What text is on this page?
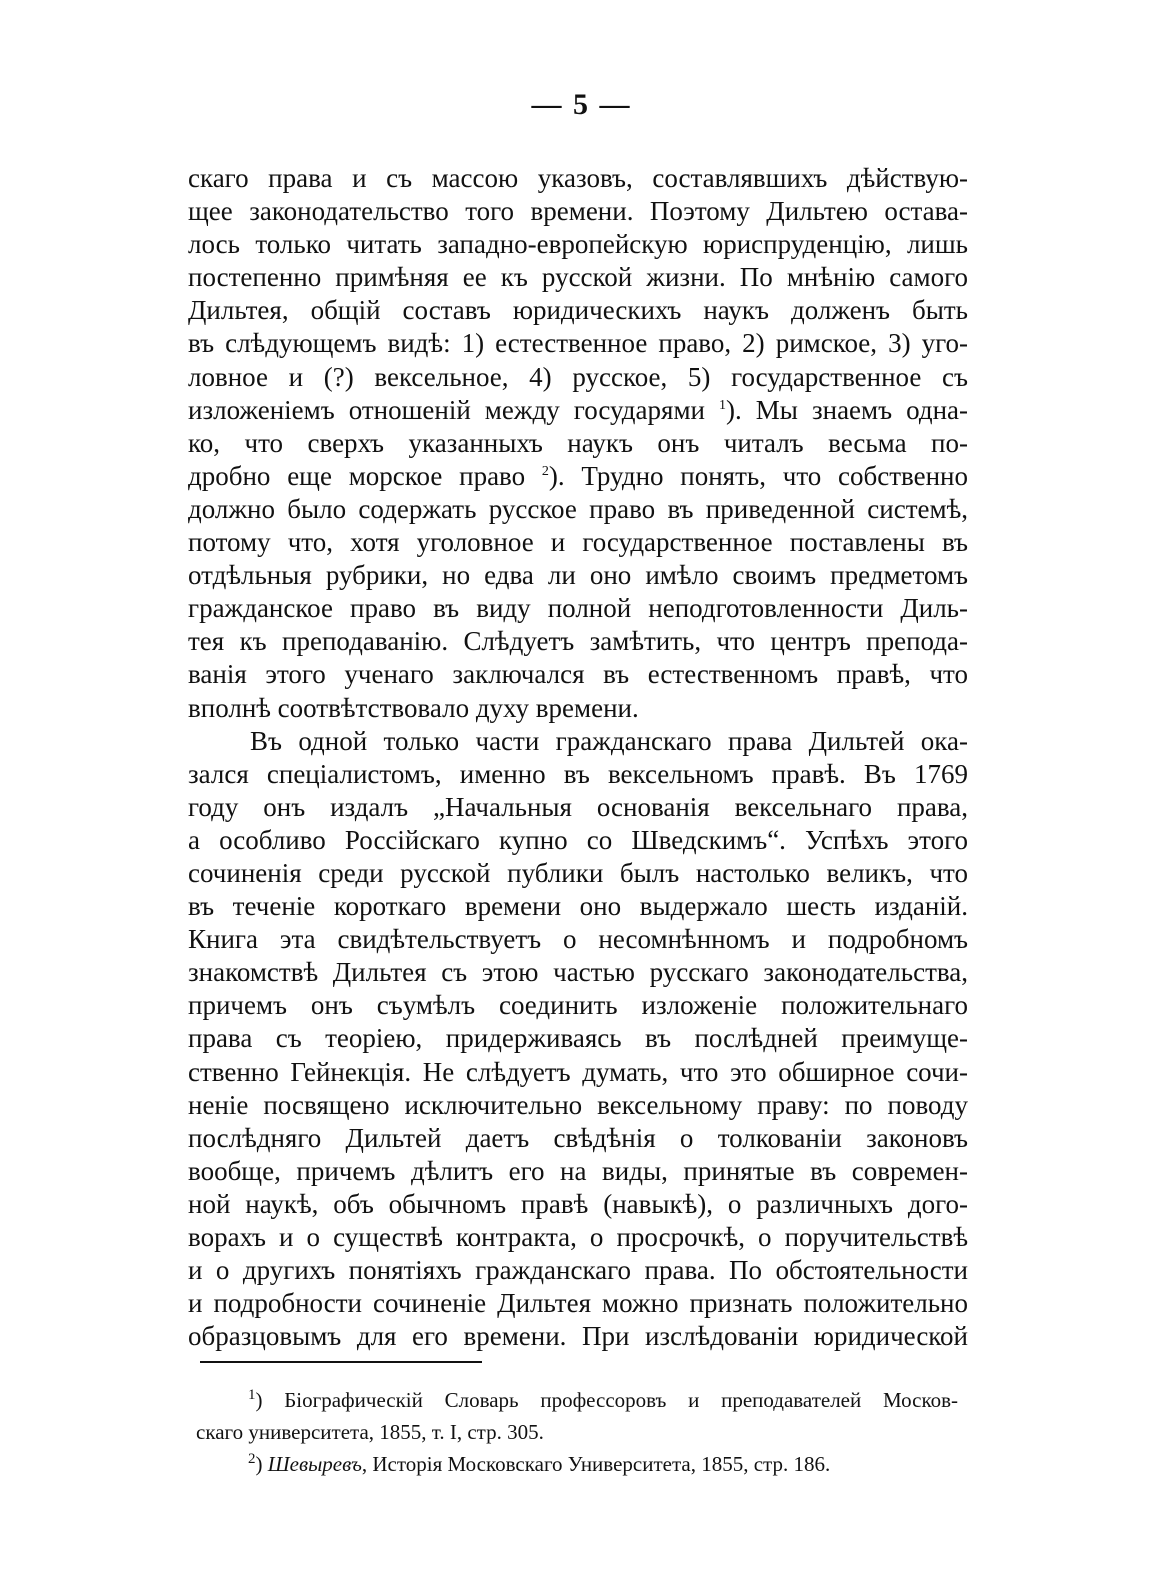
— 5 —
скаго права и съ массою указовъ, составлявшихъ дѣйствую-
щее законодательство того времени. Поэтому Дильтею остава-
лось только читать западно-европейскую юриспруденцію, лишь
постепенно примѣняя ее къ русской жизни. По мнѣнію самого
Дильтея, общій составъ юридическихъ наукъ долженъ быть
въ слѣдующемъ видѣ: 1) естественное право, 2) римское, 3) уго-
ловное и (?) вексельное, 4) русское, 5) государственное съ
изложеніемъ отношеній между государями $^1$). Мы знаемъ одна-
ко, что сверхъ указанныхъ наукъ онъ читалъ весьма по-
дробно еще морское право $^2$). Трудно понять, что собственно
должно было содержать русское право въ приведенной системѣ,
потому что, хотя уголовное и государственное поставлены въ
отдѣльныя рубрики, но едва ли оно имѣло своимъ предметомъ
гражданское право въ виду полной неподготовленности Диль-
тея къ преподаванію. Слѣдуетъ замѣтить, что центръ препода-
ванія этого ученаго заключался въ естественномъ правѣ, что
вполнѣ соотвѣтствовало духу времени.
Въ одной только части гражданскаго права Дильтей ока-
зался спеціалистомъ, именно въ вексельномъ правѣ. Въ 1769
году онъ издалъ „Начальныя основанія вексельнаго права,
а особливо Россійскаго купно со Шведскимъ“. Успѣхъ этого
сочиненія среди русской публики былъ настолько великъ, что
въ теченіе короткаго времени оно выдержало шесть изданій.
Книга эта свидѣтельствуетъ о несомнѣнномъ и подробномъ
знакомствѣ Дильтея съ этою частью русскаго законодательства,
причемъ онъ съумѣлъ соединить изложеніе положительнаго
права съ теоріею, придерживаясь въ послѣдней преимуще-
ственно Гейнекція. Не слѣдуетъ думать, что это обширное сочи-
неніе посвящено исключительно вексельному праву: по поводу
послѣдняго Дильтей даетъ свѣдѣнія о толкованіи законовъ
вообще, причемъ дѣлитъ его на виды, принятые въ современ-
ной наукѣ, объ обычномъ правѣ (навыкѣ), о различныхъ дого-
ворахъ и о существѣ контракта, о просрочкѣ, о поручительствѣ
и о другихъ понятіяхъ гражданскаго права. По обстоятельности
и подробности сочиненіе Дильтея можно признать положительно
образцовымъ для его времени. При изслѣдованіи юридической
$^1$) Біографическій Словарь профессоровъ и преподавателей Москов-
скаго университета, 1855, т. I, стр. 305.
$^2$) Шевыревъ, Исторія Московскаго Университета, 1855, стр. 186.
